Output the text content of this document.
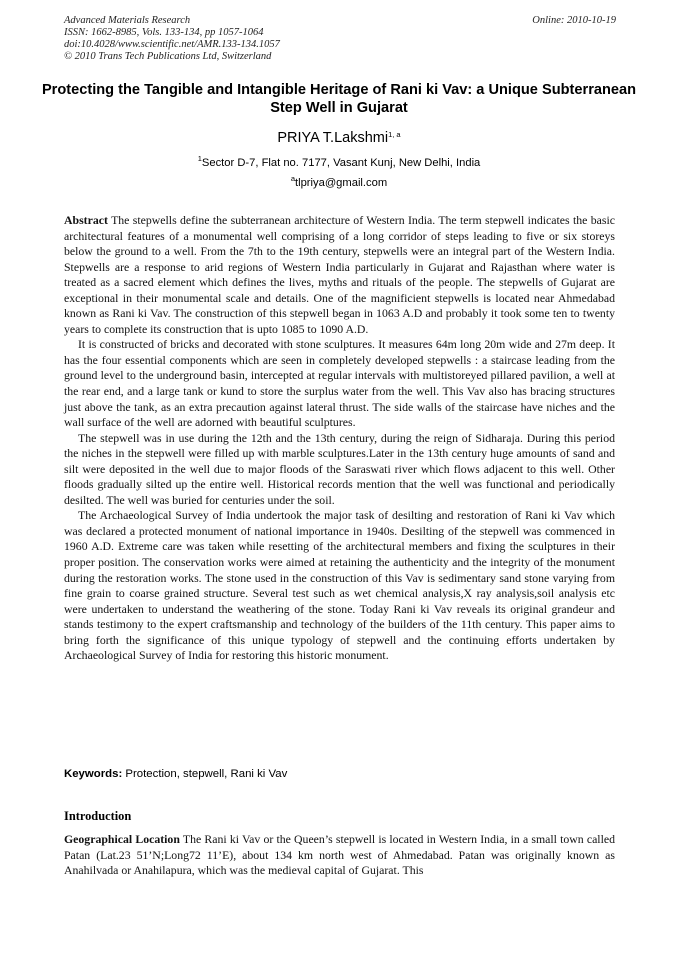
Advanced Materials Research
ISSN: 1662-8985, Vols. 133-134, pp 1057-1064
doi:10.4028/www.scientific.net/AMR.133-134.1057
© 2010 Trans Tech Publications Ltd, Switzerland
Online: 2010-10-19
Protecting the Tangible and Intangible Heritage of Rani ki Vav: a Unique Subterranean Step Well in Gujarat
PRIYA T.Lakshmi$^{1, a}$
$^1$Sector D-7, Flat no. 7177, Vasant Kunj, New Delhi, India
$^a$tlpriya@gmail.com

Abstract The stepwells define the subterranean architecture of Western India. The term stepwell indicates the basic architectural features of a monumental well comprising of a long corridor of steps leading to five or six storeys below the ground to a well. From the 7th to the 19th century, stepwells were an integral part of the Western India. Stepwells are a response to arid regions of Western India particularly in Gujarat and Rajasthan where water is treated as a sacred element which defines the lives, myths and rituals of the people. The stepwells of Gujarat are exceptional in their monumental scale and details. One of the magnificient stepwells is located near Ahmedabad known as Rani ki Vav. The construction of this stepwell began in 1063 A.D and probably it took some ten to twenty years to complete its construction that is upto 1085 to 1090 A.D.

It is constructed of bricks and decorated with stone sculptures. It measures 64m long 20m wide and 27m deep. It has the four essential components which are seen in completely developed stepwells : a staircase leading from the ground level to the underground basin, intercepted at regular intervals with multistoreyed pillared pavilion, a well at the rear end, and a large tank or kund to store the surplus water from the well. This Vav also has bracing structures just above the tank, as an extra precaution against lateral thrust. The side walls of the staircase have niches and the wall surface of the well are adorned with beautiful sculptures.

The stepwell was in use during the 12th and the 13th century, during the reign of Sidharaja. During this period the niches in the stepwell were filled up with marble sculptures.Later in the 13th century huge amounts of sand and silt were deposited in the well due to major floods of the Saraswati river which flows adjacent to this well. Other floods gradually silted up the entire well. Historical records mention that the well was functional and periodically desilted. The well was buried for centuries under the soil.

The Archaeological Survey of India undertook the major task of desilting and restoration of Rani ki Vav which was declared a protected monument of national importance in 1940s. Desilting of the stepwell was commenced in 1960 A.D. Extreme care was taken while resetting of the architectural members and fixing the sculptures in their proper position. The conservation works were aimed at retaining the authenticity and the integrity of the monument during the restoration works. The stone used in the construction of this Vav is sedimentary sand stone varying from fine grain to coarse grained structure. Several test such as wet chemical analysis,X ray analysis,soil analysis etc were undertaken to understand the weathering of the stone. Today Rani ki Vav reveals its original grandeur and stands testimony to the expert craftsmanship and technology of the builders of the 11th century. This paper aims to bring forth the significance of this unique typology of stepwell and the continuing efforts undertaken by Archaeological Survey of India for restoring this historic monument.

Keywords: Protection, stepwell, Rani ki Vav
Introduction
Geographical Location The Rani ki Vav or the Queen’s stepwell is located in Western India, in a small town called Patan (Lat.23 51’N;Long72 11’E), about 134 km north west of Ahmedabad. Patan was originally known as Anahilvada or Anahilapura, which was the medieval capital of Gujarat. This
